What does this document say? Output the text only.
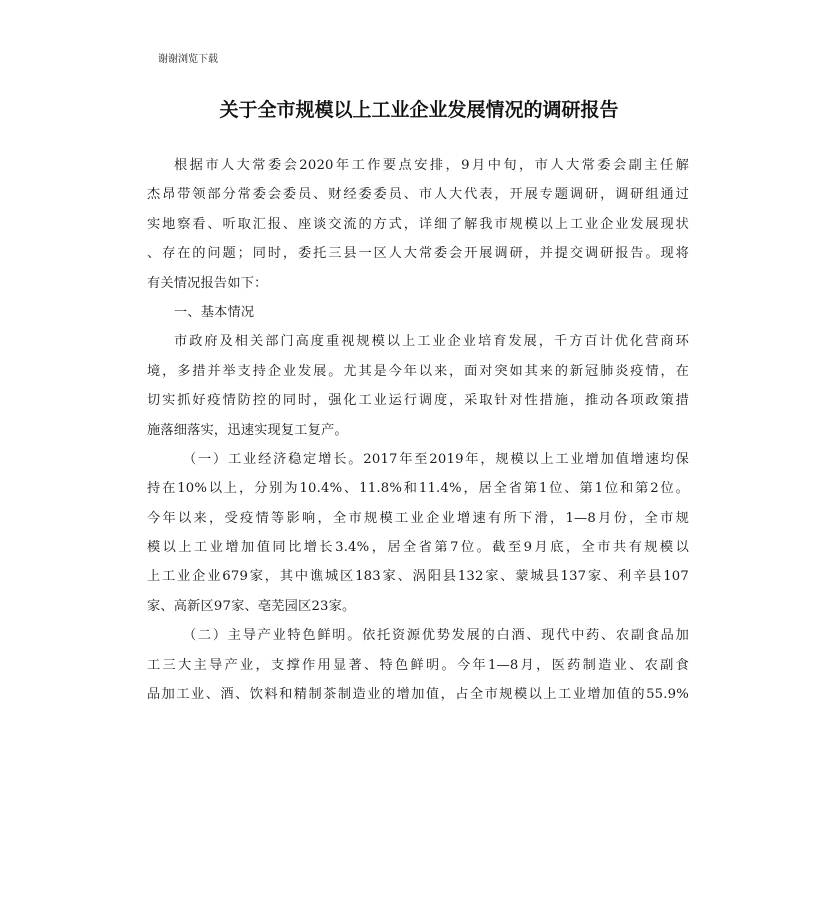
谢谢浏览下载
关于全市规模以上工业企业发展情况的调研报告
根据市人大常委会2020年工作要点安排，9月中旬，市人大常委会副主任解
杰昂带领部分常委会委员、财经委委员、市人大代表，开展专题调研，调研组通过
实地察看、听取汇报、座谈交流的方式，详细了解我市规模以上工业企业发展现状
、存在的问题；同时，委托三县一区人大常委会开展调研，并提交调研报告。现将
有关情况报告如下：
一、基本情况
市政府及相关部门高度重视规模以上工业企业培育发展，千方百计优化营商环
境，多措并举支持企业发展。尤其是今年以来，面对突如其来的新冠肺炎疫情，在
切实抓好疫情防控的同时，强化工业运行调度，采取针对性措施，推动各项政策措
施落细落实，迅速实现复工复产。
（一）工业经济稳定增长。2017年至2019年，规模以上工业增加值增速均保
持在10%以上，分别为10.4%、11.8%和11.4%，居全省第1位、第1位和第2位。
今年以来，受疫情等影响，全市规模工业企业增速有所下滑，1—8月份，全市规
模以上工业增加值同比增长3.4%，居全省第7位。截至9月底，全市共有规模以
上工业企业679家，其中谯城区183家、涡阳县132家、蒙城县137家、利辛县107
家、高新区97家、亳芜园区23家。
（二）主导产业特色鲜明。依托资源优势发展的白酒、现代中药、农副食品加
工三大主导产业，支撑作用显著、特色鲜明。今年1—8月，医药制造业、农副食
品加工业、酒、饮料和精制茶制造业的增加值，占全市规模以上工业增加值的55.9%
